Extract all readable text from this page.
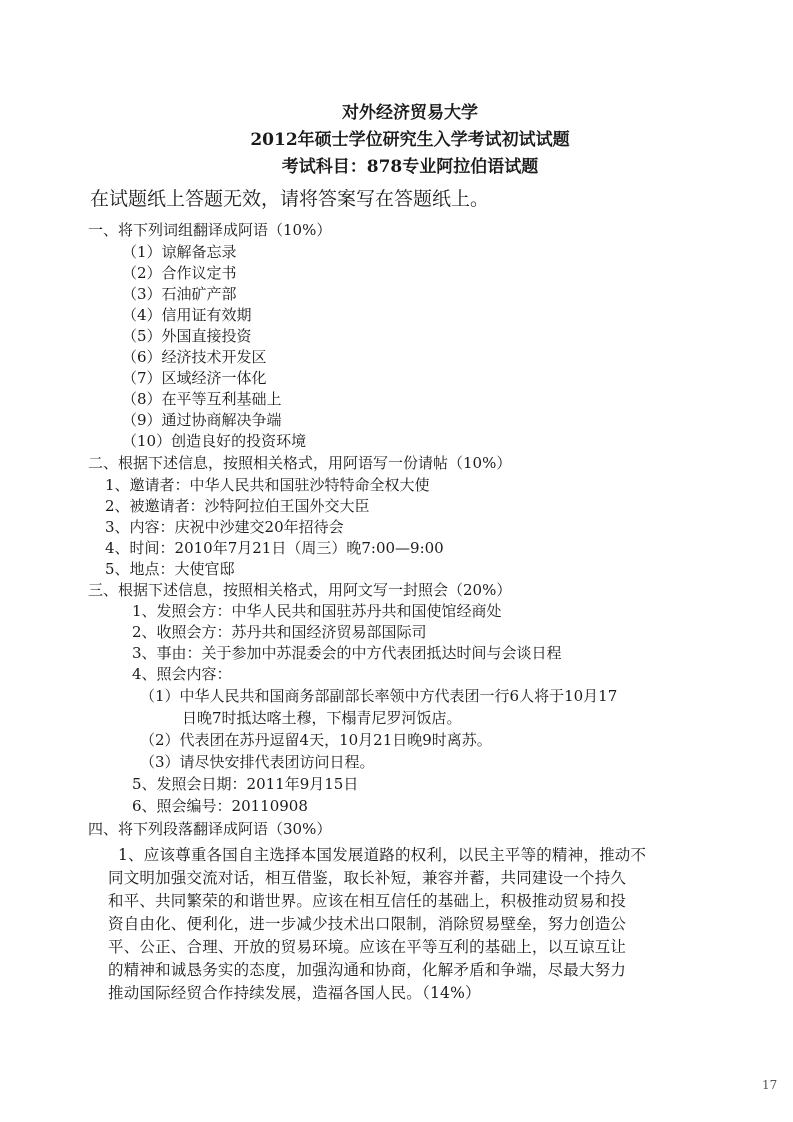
对外经济贸易大学
2012年硕士学位研究生入学考试初试试题
考试科目：878专业阿拉伯语试题
在试题纸上答题无效，请将答案写在答题纸上。
一、将下列词组翻译成阿语（10%）
（1）谅解备忘录
（2）合作议定书
（3）石油矿产部
（4）信用证有效期
（5）外国直接投资
（6）经济技术开发区
（7）区域经济一体化
（8）在平等互利基础上
（9）通过协商解决争端
（10）创造良好的投资环境
二、根据下述信息，按照相关格式，用阿语写一份请帖（10%）
1、邀请者：中华人民共和国驻沙特特命全权大使
2、被邀请者：沙特阿拉伯王国外交大臣
3、内容：庆祝中沙建交20年招待会
4、时间：2010年7月21日（周三）晚7:00—9:00
5、地点：大使官邸
三、根据下述信息，按照相关格式，用阿文写一封照会（20%）
1、发照会方：中华人民共和国驻苏丹共和国使馆经商处
2、收照会方：苏丹共和国经济贸易部国际司
3、事由：关于参加中苏混委会的中方代表团抵达时间与会谈日程
4、照会内容：
（1）中华人民共和国商务部副部长率领中方代表团一行6人将于10月17
日晚7时抵达喀土穆，下榻青尼罗河饭店。
（2）代表团在苏丹逗留4天，10月21日晚9时离苏。
（3）请尽快安排代表团访问日程。
5、发照会日期：2011年9月15日
6、照会编号：20110908
四、将下列段落翻译成阿语（30%）
1、应该尊重各国自主选择本国发展道路的权利，以民主平等的精神，推动不
同文明加强交流对话，相互借鉴，取长补短，兼容并蓄，共同建设一个持久
和平、共同繁荣的和谐世界。应该在相互信任的基础上，积极推动贸易和投
资自由化、便利化，进一步减少技术出口限制，消除贸易壁垒，努力创造公
平、公正、合理、开放的贸易环境。应该在平等互利的基础上，以互谅互让
的精神和诚恳务实的态度，加强沟通和协商，化解矛盾和争端，尽最大努力
推动国际经贸合作持续发展，造福各国人民。（14%）
17
